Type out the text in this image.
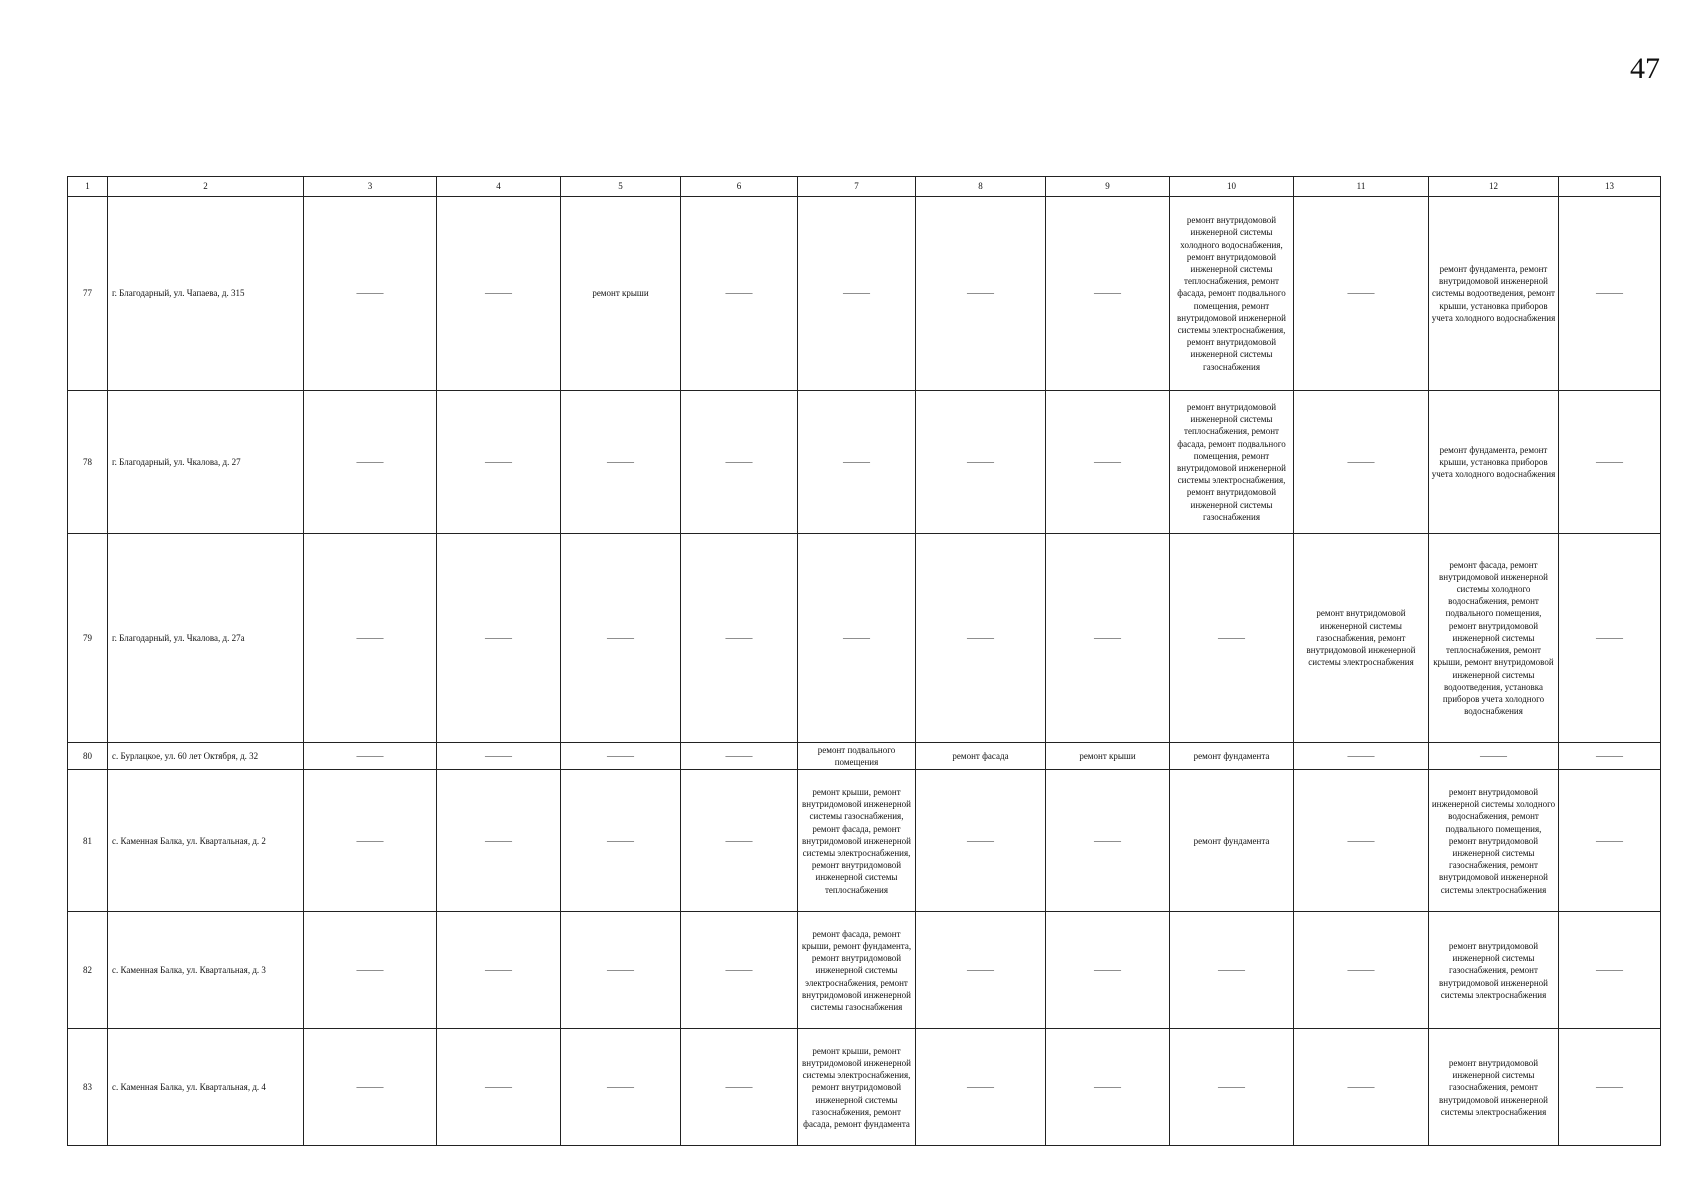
47
1	2	3	4	5	6	7	8	9	10	11	12	13
77	г. Благодарный, ул. Чапаева, д. 315	———	———	ремонт крыши	———	———	———	———	ремонт внутридомовой инженерной системы холодного водоснабжения, ремонт внутридомовой инженерной системы теплоснабжения, ремонт фасада, ремонт подвального помещения, ремонт внутридомовой инженерной системы электроснабжения, ремонт внутридомовой инженерной системы газоснабжения	———	ремонт фундамента, ремонт внутридомовой инженерной системы водоотведения, ремонт крыши, установка приборов учета холодного водоснабжения	———
78	г. Благодарный, ул. Чкалова, д. 27	———	———	———	———	———	———	———	ремонт внутридомовой инженерной системы теплоснабжения, ремонт фасада, ремонт подвального помещения, ремонт внутридомовой инженерной системы электроснабжения, ремонт внутридомовой инженерной системы газоснабжения	———	ремонт фундамента, ремонт крыши, установка приборов учета холодного водоснабжения	———
79	г. Благодарный, ул. Чкалова, д. 27а	———	———	———	———	———	———	———	———	ремонт внутридомовой инженерной системы газоснабжения, ремонт внутридомовой инженерной системы электроснабжения	ремонт фасада, ремонт внутридомовой инженерной системы холодного водоснабжения, ремонт подвального помещения, ремонт внутридомовой инженерной системы теплоснабжения, ремонт крыши, ремонт внутридомовой инженерной системы водоотведения, установка приборов учета холодного водоснабжения	———
80	с. Бурлацкое, ул. 60 лет Октября, д. 32	———	———	———	———	ремонт подвального помещения	ремонт фасада	ремонт крыши	ремонт фундамента	———	———	———
81	с. Каменная Балка, ул. Квартальная, д. 2	———	———	———	———	ремонт крыши, ремонт внутридомовой инженерной системы газоснабжения, ремонт фасада, ремонт внутридомовой инженерной системы электроснабжения, ремонт внутридомовой инженерной системы теплоснабжения	———	———	ремонт фундамента	———	ремонт внутридомовой инженерной системы холодного водоснабжения, ремонт подвального помещения, ремонт внутридомовой инженерной системы газоснабжения, ремонт внутридомовой инженерной системы электроснабжения	———
82	с. Каменная Балка, ул. Квартальная, д. 3	———	———	———	———	ремонт фасада, ремонт крыши, ремонт фундамента, ремонт внутридомовой инженерной системы электроснабжения, ремонт внутридомовой инженерной системы газоснабжения	———	———	———	———	ремонт внутридомовой инженерной системы газоснабжения, ремонт внутридомовой инженерной системы электроснабжения	———
83	с. Каменная Балка, ул. Квартальная, д. 4	———	———	———	———	ремонт крыши, ремонт внутридомовой инженерной системы электроснабжения, ремонт внутридомовой инженерной системы газоснабжения, ремонт фасада, ремонт фундамента	———	———	———	———	ремонт внутридомовой инженерной системы газоснабжения, ремонт внутридомовой инженерной системы электроснабжения	———
